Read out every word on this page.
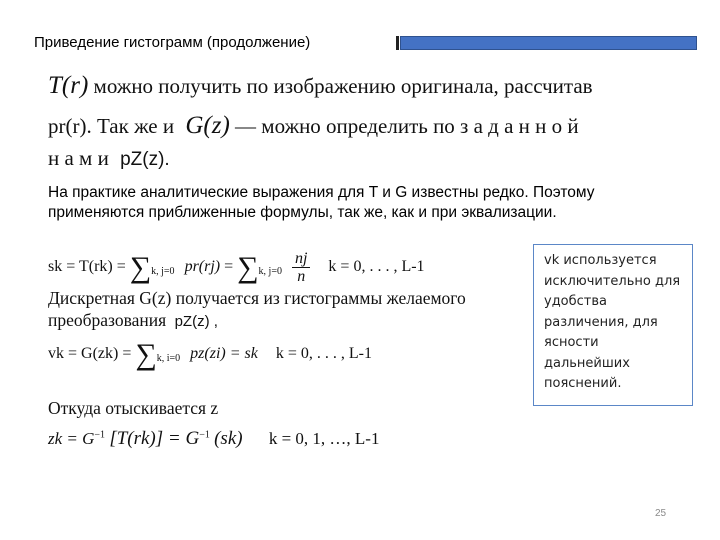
Приведение гистограмм (продолжение)
T(r) можно получить по изображению оригинала, рассчитав
pr(r). Так же и G(z) — можно определить по з а д а н н о й
н а м и pZ(z).
На практике аналитические выражения для T и G известны редко. Поэтому применяются приближенные формулы, так же, как и при эквализации.
sk = $T(rk) = \sum_{k, j=0}$ $pr(rj) = \sum_{k, j=0} \frac{nj}{n}$ k = 0, . . . , L-1
Дискретная G(z) получается из гистограммы желаемого
преобразования pZ(z) ,
vk = $G(zk) = \sum_{k, i=0}$ pz(zi) = sk k = 0, . . . , L-1
Откуда отыскивается z
zk = $G^{-1}$ $[T(rk)] = G^{-1}$ (sk) k = 0, 1, …, L-1
vk используется исключительно для удобства различения, для ясности дальнейших пояснений.
25
